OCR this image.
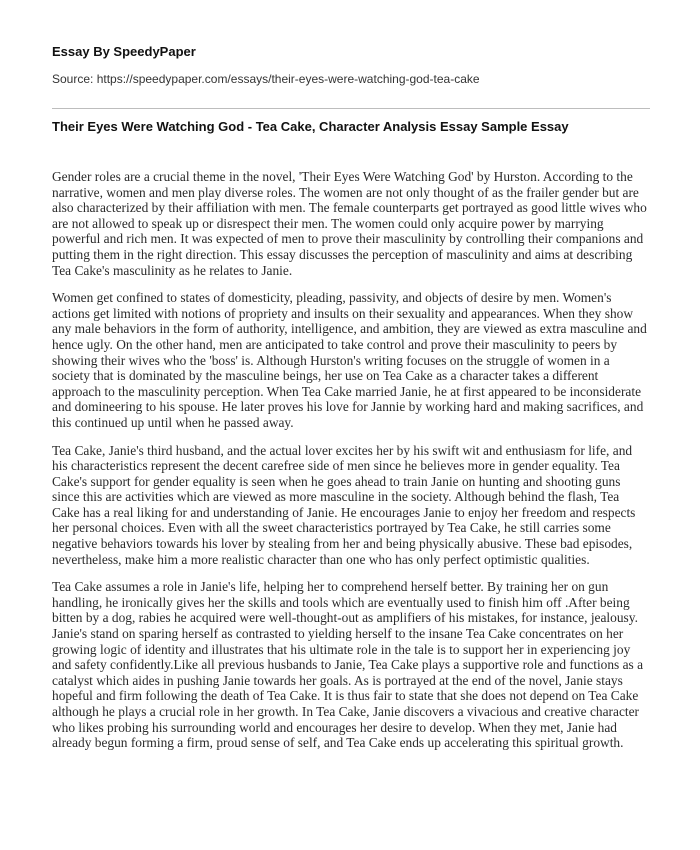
Essay By SpeedyPaper
Source: https://speedypaper.com/essays/their-eyes-were-watching-god-tea-cake
Their Eyes Were Watching God - Tea Cake, Character Analysis Essay Sample Essay

Gender roles are a crucial theme in the novel, 'Their Eyes Were Watching God' by Hurston. According to the narrative, women and men play diverse roles. The women are not only thought of as the frailer gender but are also characterized by their affiliation with men. The female counterparts get portrayed as good little wives who are not allowed to speak up or disrespect their men. The women could only acquire power by marrying powerful and rich men. It was expected of men to prove their masculinity by controlling their companions and putting them in the right direction. This essay discusses the perception of masculinity and aims at describing Tea Cake's masculinity as he relates to Janie.

Women get confined to states of domesticity, pleading, passivity, and objects of desire by men. Women's actions get limited with notions of propriety and insults on their sexuality and appearances. When they show any male behaviors in the form of authority, intelligence, and ambition, they are viewed as extra masculine and hence ugly. On the other hand, men are anticipated to take control and prove their masculinity to peers by showing their wives who the 'boss' is. Although Hurston's writing focuses on the struggle of women in a society that is dominated by the masculine beings, her use on Tea Cake as a character takes a different approach to the masculinity perception. When Tea Cake married Janie, he at first appeared to be inconsiderate and domineering to his spouse. He later proves his love for Jannie by working hard and making sacrifices, and this continued up until when he passed away.

Tea Cake, Janie's third husband, and the actual lover excites her by his swift wit and enthusiasm for life, and his characteristics represent the decent carefree side of men since he believes more in gender equality. Tea Cake's support for gender equality is seen when he goes ahead to train Janie on hunting and shooting guns since this are activities which are viewed as more masculine in the society. Although behind the flash, Tea Cake has a real liking for and understanding of Janie. He encourages Janie to enjoy her freedom and respects her personal choices. Even with all the sweet characteristics portrayed by Tea Cake, he still carries some negative behaviors towards his lover by stealing from her and being physically abusive. These bad episodes, nevertheless, make him a more realistic character than one who has only perfect optimistic qualities.

Tea Cake assumes a role in Janie's life, helping her to comprehend herself better. By training her on gun handling, he ironically gives her the skills and tools which are eventually used to finish him off .After being bitten by a dog, rabies he acquired were well-thought-out as amplifiers of his mistakes, for instance, jealousy. Janie's stand on sparing herself as contrasted to yielding herself to the insane Tea Cake concentrates on her growing logic of identity and illustrates that his ultimate role in the tale is to support her in experiencing joy and safety confidently.Like all previous husbands to Janie, Tea Cake plays a supportive role and functions as a catalyst which aides in pushing Janie towards her goals. As is portrayed at the end of the novel, Janie stays hopeful and firm following the death of Tea Cake. It is thus fair to state that she does not depend on Tea Cake although he plays a crucial role in her growth. In Tea Cake, Janie discovers a vivacious and creative character who likes probing his surrounding world and encourages her desire to develop. When they met, Janie had already begun forming a firm, proud sense of self, and Tea Cake ends up accelerating this spiritual growth.
